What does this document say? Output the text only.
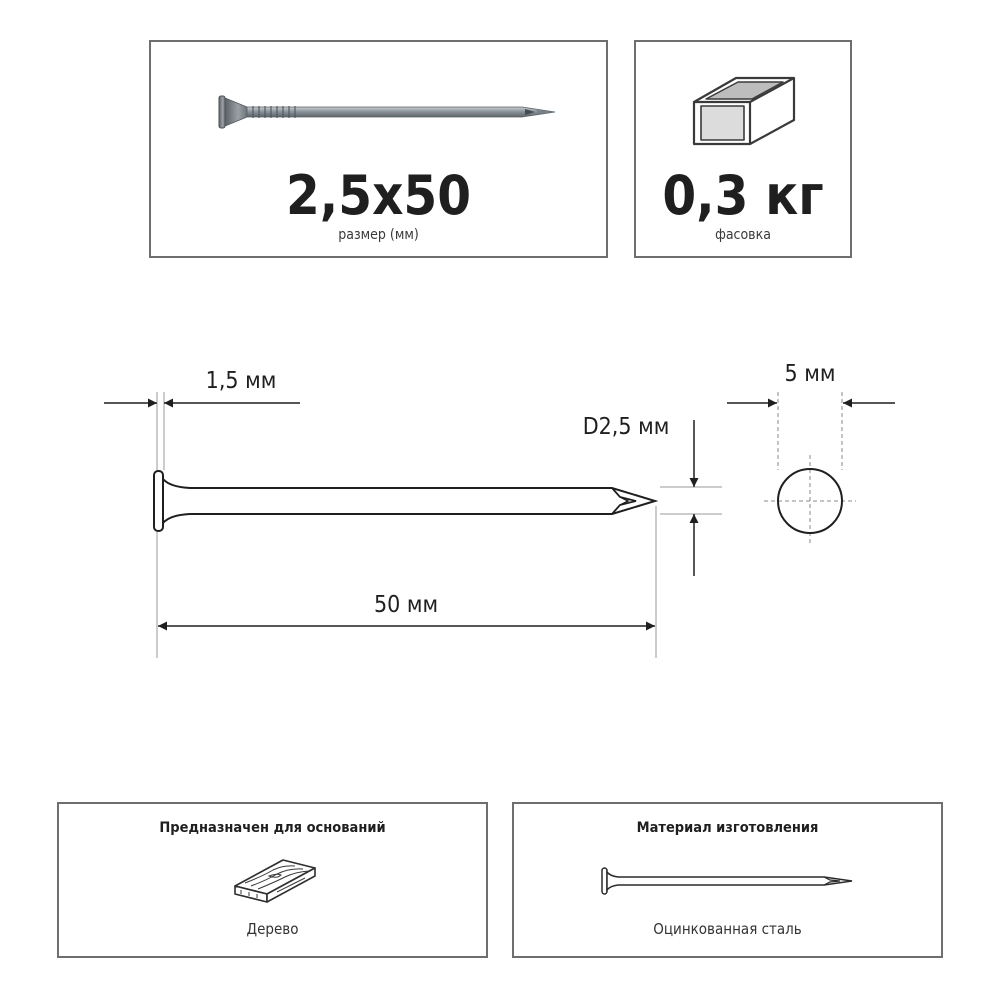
2,5x50
размер (мм)
0,3 кг
фасовка
1,5 мм
D2,5 мм
50 мм
5 мм
Предназначен для оснований
Дерево
Материал изготовления
Оцинкованная сталь
